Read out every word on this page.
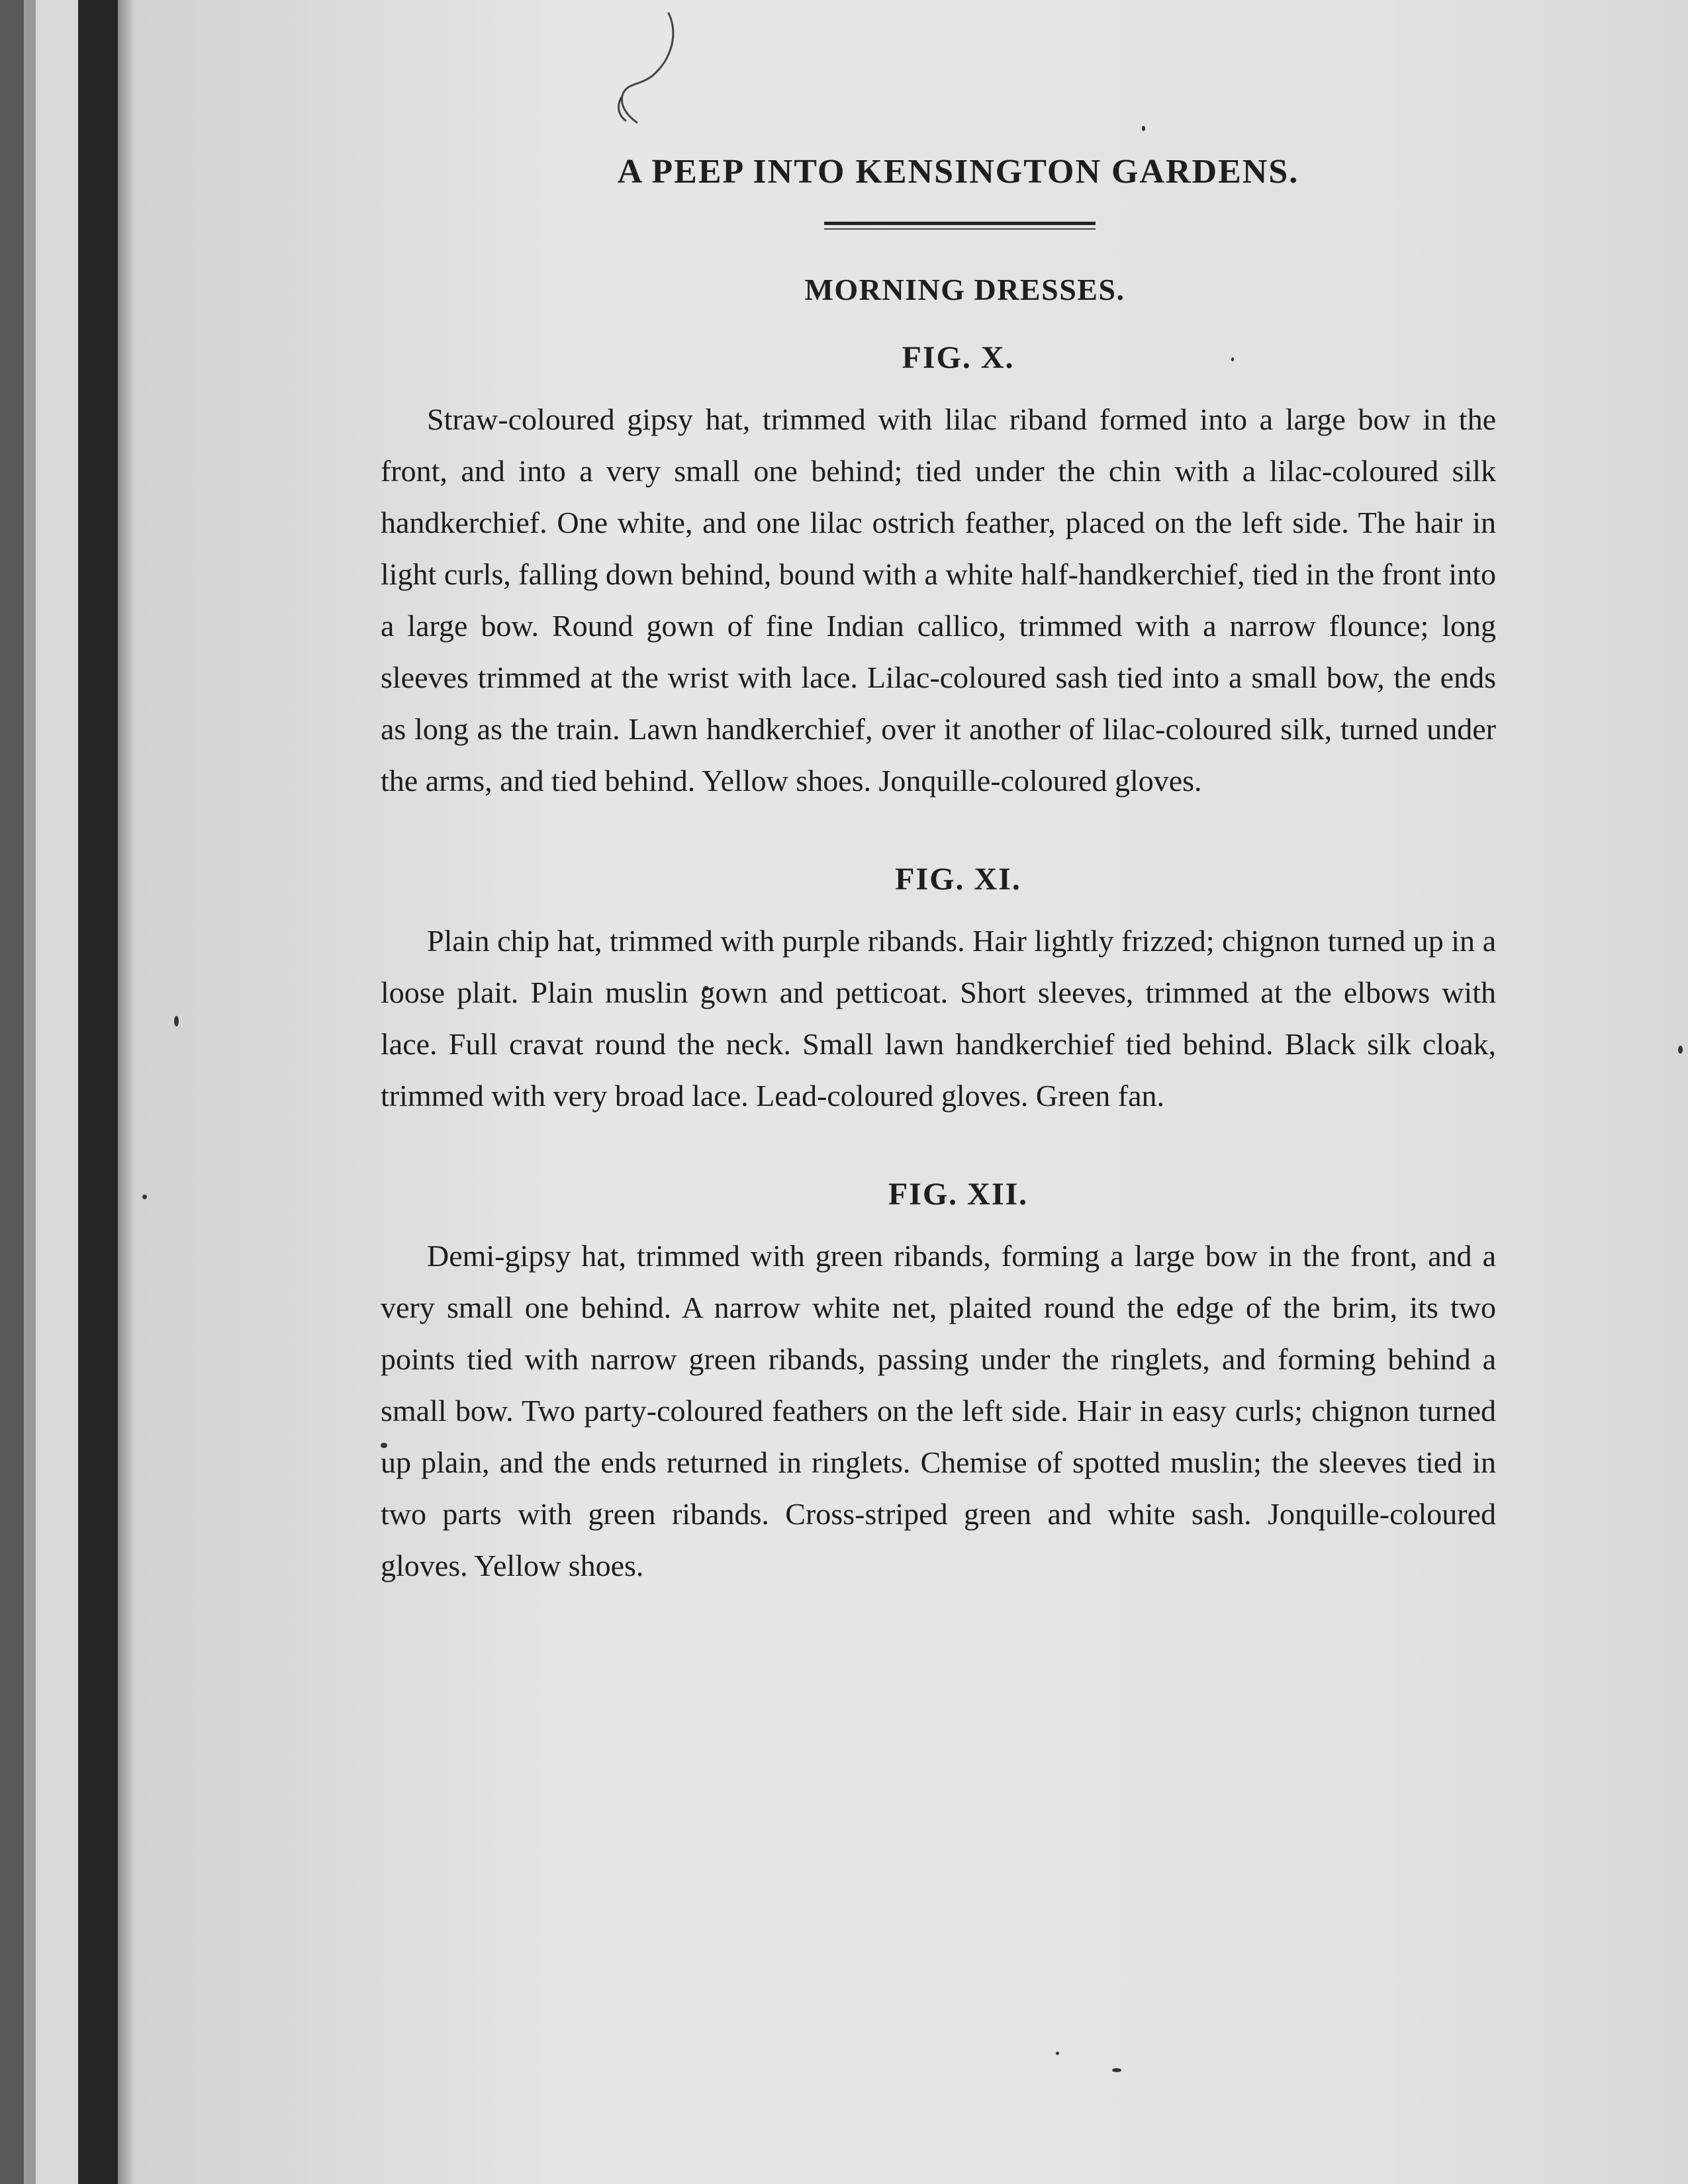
A PEEP INTO KENSINGTON GARDENS.
MORNING DRESSES.
FIG. X.

Straw-coloured gipsy hat, trimmed with lilac riband formed into a large bow in the front, and into a very small one behind; tied under the chin with a lilac-coloured silk handkerchief. One white, and one lilac ostrich feather, placed on the left side. The hair in light curls, falling down behind, bound with a white half-handkerchief, tied in the front into a large bow. Round gown of fine Indian callico, trimmed with a narrow flounce; long sleeves trimmed at the wrist with lace. Lilac-coloured sash tied into a small bow, the ends as long as the train. Lawn handkerchief, over it another of lilac-coloured silk, turned under the arms, and tied behind. Yellow shoes. Jonquille-coloured gloves.

FIG. XI.

Plain chip hat, trimmed with purple ribands. Hair lightly frizzed; chignon turned up in a loose plait. Plain muslin gown and petticoat. Short sleeves, trimmed at the elbows with lace. Full cravat round the neck. Small lawn handkerchief tied behind. Black silk cloak, trimmed with very broad lace. Lead-coloured gloves. Green fan.

FIG. XII.

Demi-gipsy hat, trimmed with green ribands, forming a large bow in the front, and a very small one behind. A narrow white net, plaited round the edge of the brim, its two points tied with narrow green ribands, passing under the ringlets, and forming behind a small bow. Two party-coloured feathers on the left side. Hair in easy curls; chignon turned up plain, and the ends returned in ringlets. Chemise of spotted muslin; the sleeves tied in two parts with green ribands. Cross-striped green and white sash. Jonquille-coloured gloves. Yellow shoes.
